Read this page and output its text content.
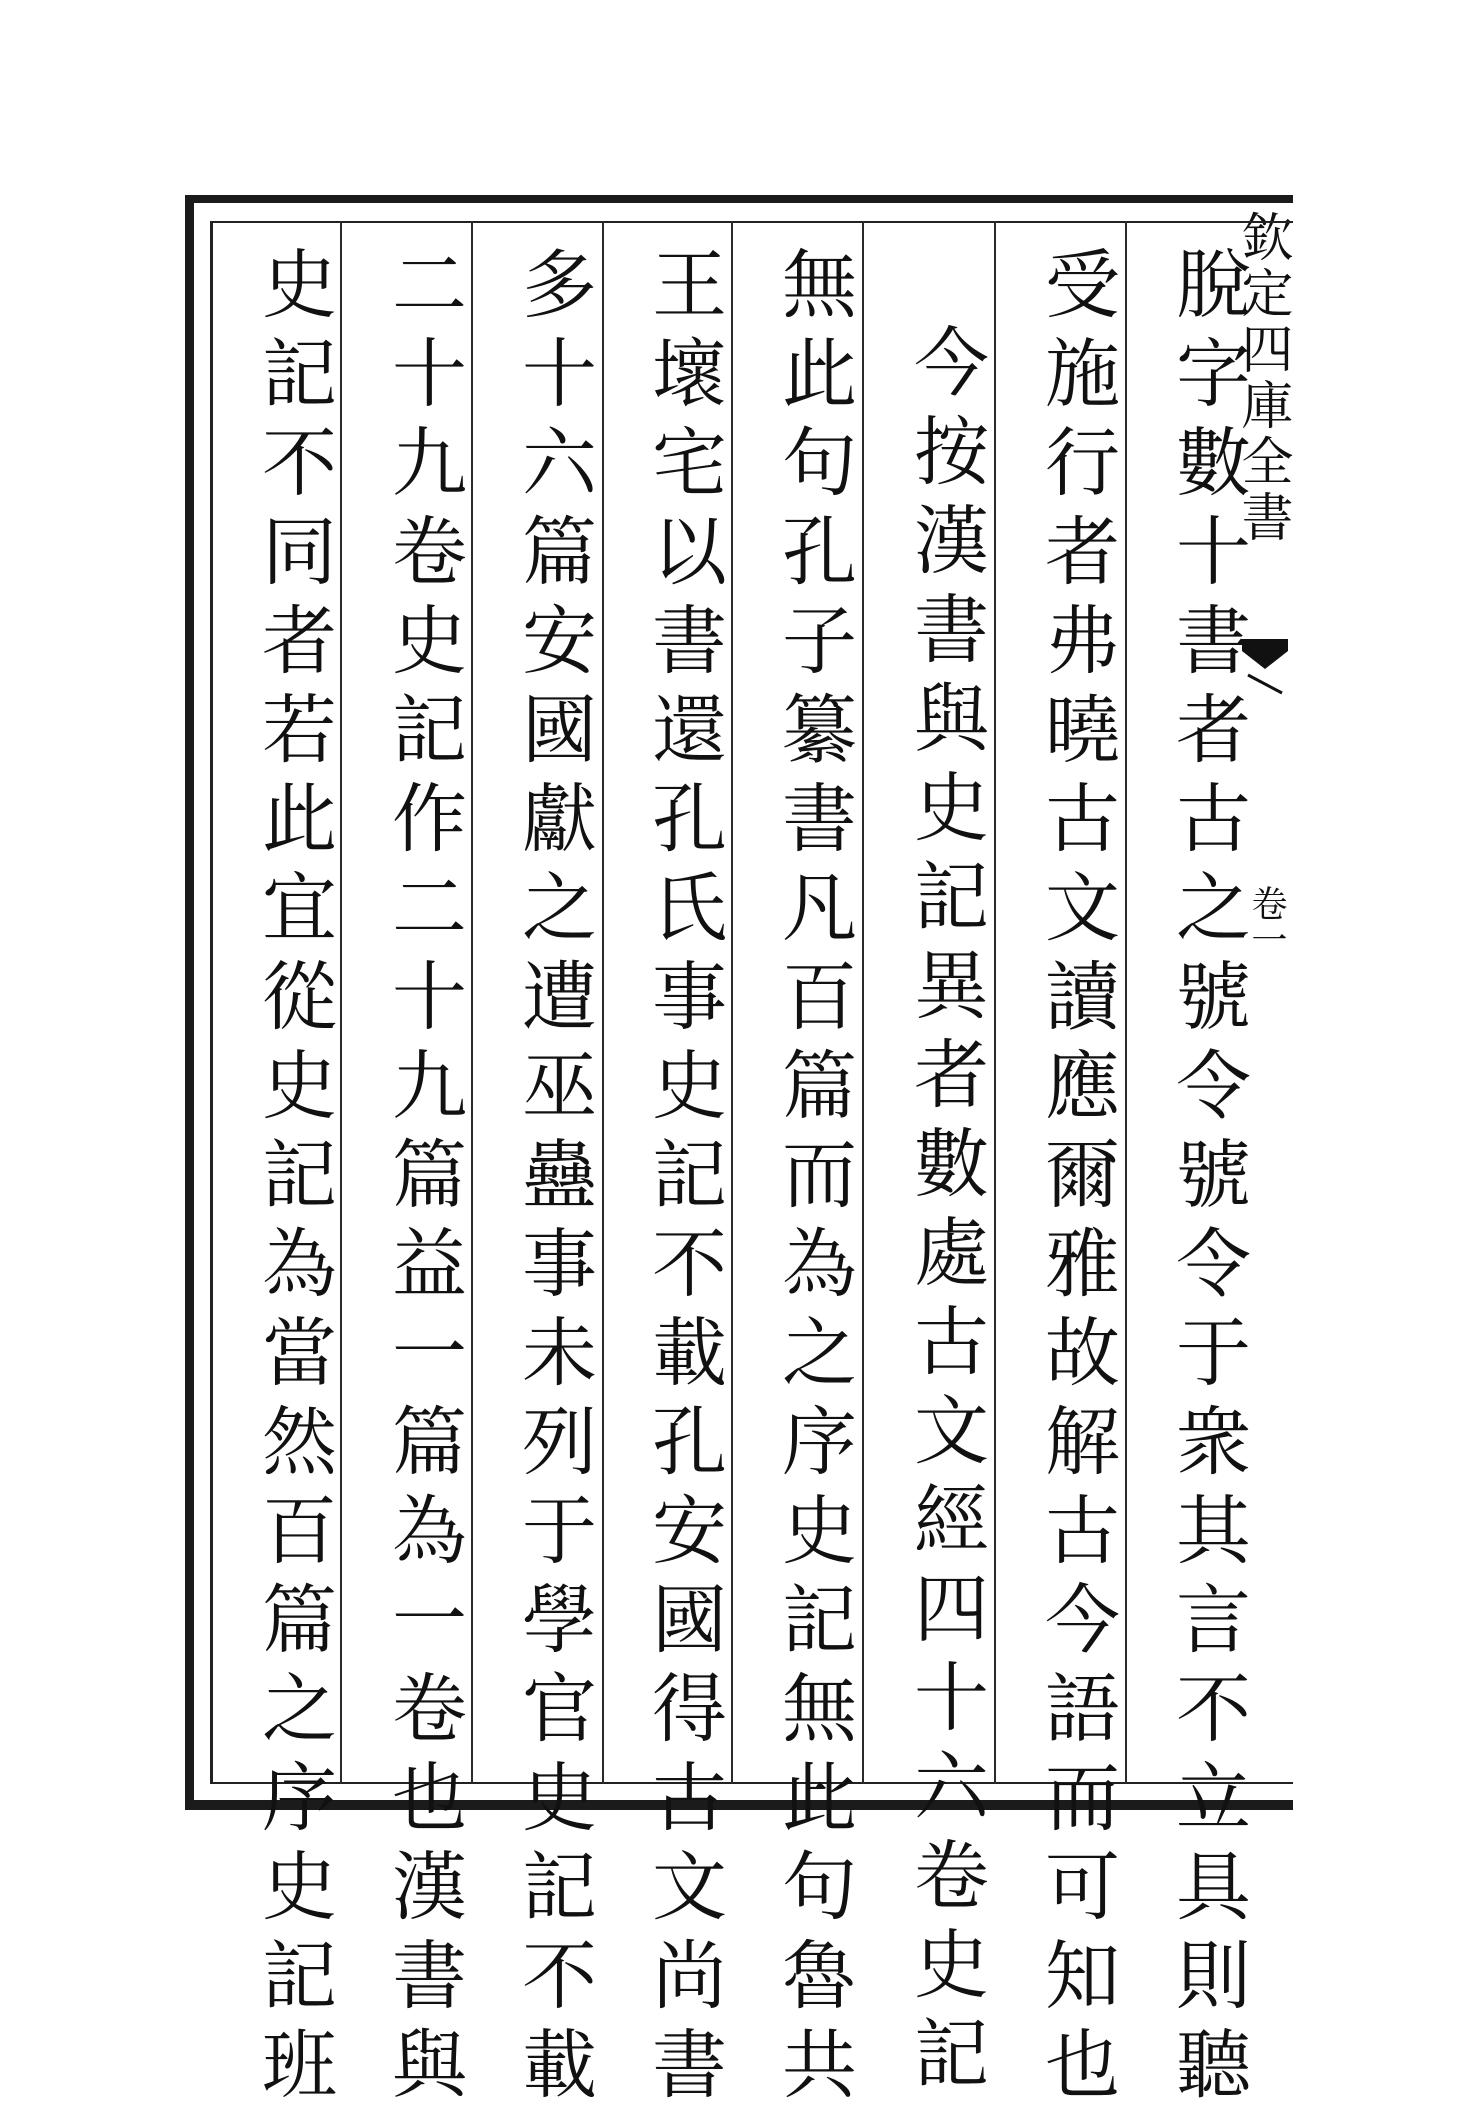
欽定四庫全書
卷一
脫字數十書者古之號令號令于衆其言不立具則聽
受施行者弗曉古文讀應爾雅故解古今語而可知也
今按漢書與史記異者數處古文經四十六卷史記
無此句孔子纂書凡百篇而為之序史記無此句魯共
王壞宅以書還孔氏事史記不載孔安國得古文尚書
多十六篇安國獻之遭巫蠱事未列于學官史記不載
二十九卷史記作二十九篇益一篇為一卷也漢書與
史記不同者若此宜從史記為當然百篇之序史記班
